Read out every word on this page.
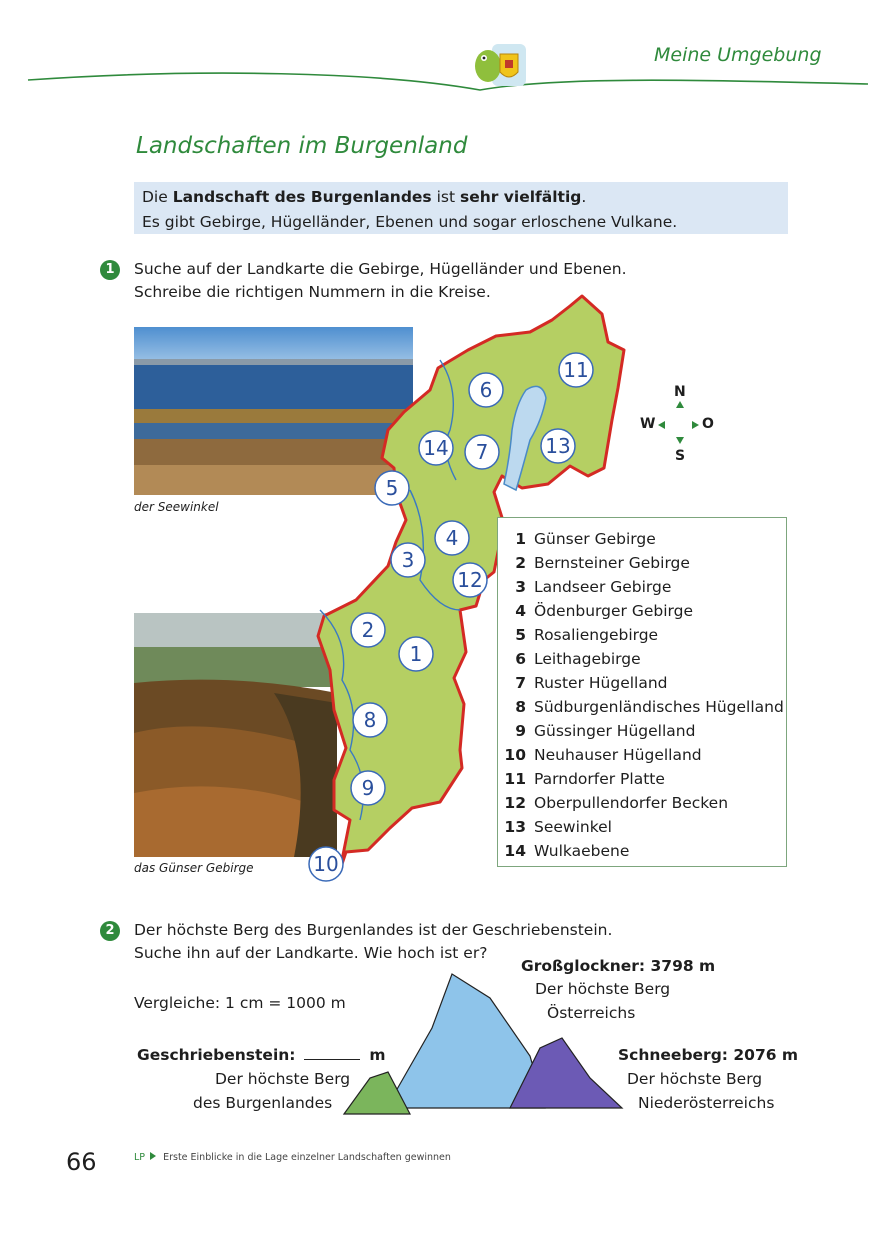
Meine Umgebung
Landschaften im Burgenland
Die Landschaft des Burgenlandes ist sehr vielfältig.
Es gibt Gebirge, Hügelländer, Ebenen und sogar erloschene Vulkane.
1	Suche auf der Landkarte die Gebirge, Hügelländer und Ebenen.
Schreibe die richtigen Nummern in die Kreise.
der Seewinkel
das Günser Gebirge
11
6
14 7	13
5
4
3
12
2
1
8
9
10
N
W	O
S
1 Günser Gebirge
2 Bernsteiner Gebirge
3 Landseer Gebirge
4 Ödenburger Gebirge
5 Rosaliengebirge
6 Leithagebirge
7 Ruster Hügelland
8 Südburgenländisches Hügelland
9 Güssinger Hügelland
10 Neuhauser Hügelland
11 Parndorfer Platte
12 Oberpullendorfer Becken
13 Seewinkel
14 Wulkaebene
2	Der höchste Berg des Burgenlandes ist der Geschriebenstein.
Suche ihn auf der Landkarte. Wie hoch ist er?
Vergleiche: 1 cm = 1000 m
Großglockner: 3798 m
Der höchste Berg
Österreichs
Geschriebenstein:	m
Der höchste Berg
des Burgenlandes
Schneeberg: 2076 m
Der höchste Berg
Niederösterreichs
66	LP Erste Einblicke in die Lage einzelner Landschaften gewinnen
